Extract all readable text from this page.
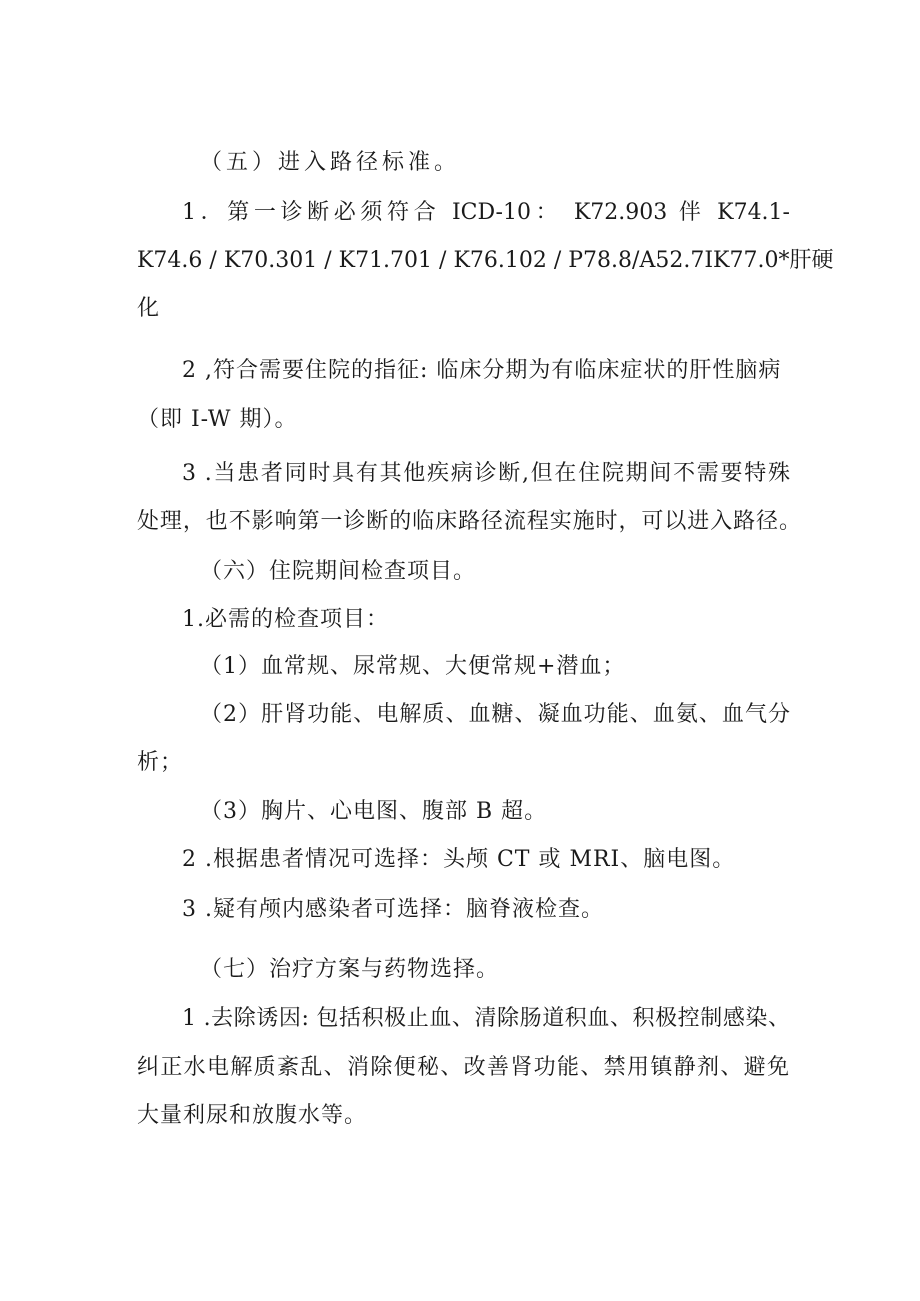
（五）进入路径标准。

1．第一诊断必须符合 ICD-10： K72.903 伴 K74.1-

K74.6 / K70.301 / K71.701 / K76.102 / P78.8/A52.7IK77.0*肝硬

化

2 ,符合需要住院的指征: 临床分期为有临床症状的肝性脑病

（即 I-W 期）。

3 .当患者同时具有其他疾病诊断,但在住院期间不需要特殊

处理，也不影响第一诊断的临床路径流程实施时，可以进入路径。

（六）住院期间检查项目。

1.必需的检查项目：

（1）血常规、尿常规、大便常规+潜血；

（2）肝肾功能、电解质、血糖、凝血功能、血氨、血气分

析；

（3）胸片、心电图、腹部 B 超。

2 .根据患者情况可选择：头颅 CT 或 MRI、脑电图。

3 .疑有颅内感染者可选择：脑脊液检查。

（七）治疗方案与药物选择。

1 .去除诱因: 包括积极止血、清除肠道积血、积极控制感染、

纠正水电解质紊乱、消除便秘、改善肾功能、禁用镇静剂、避免

大量利尿和放腹水等。
